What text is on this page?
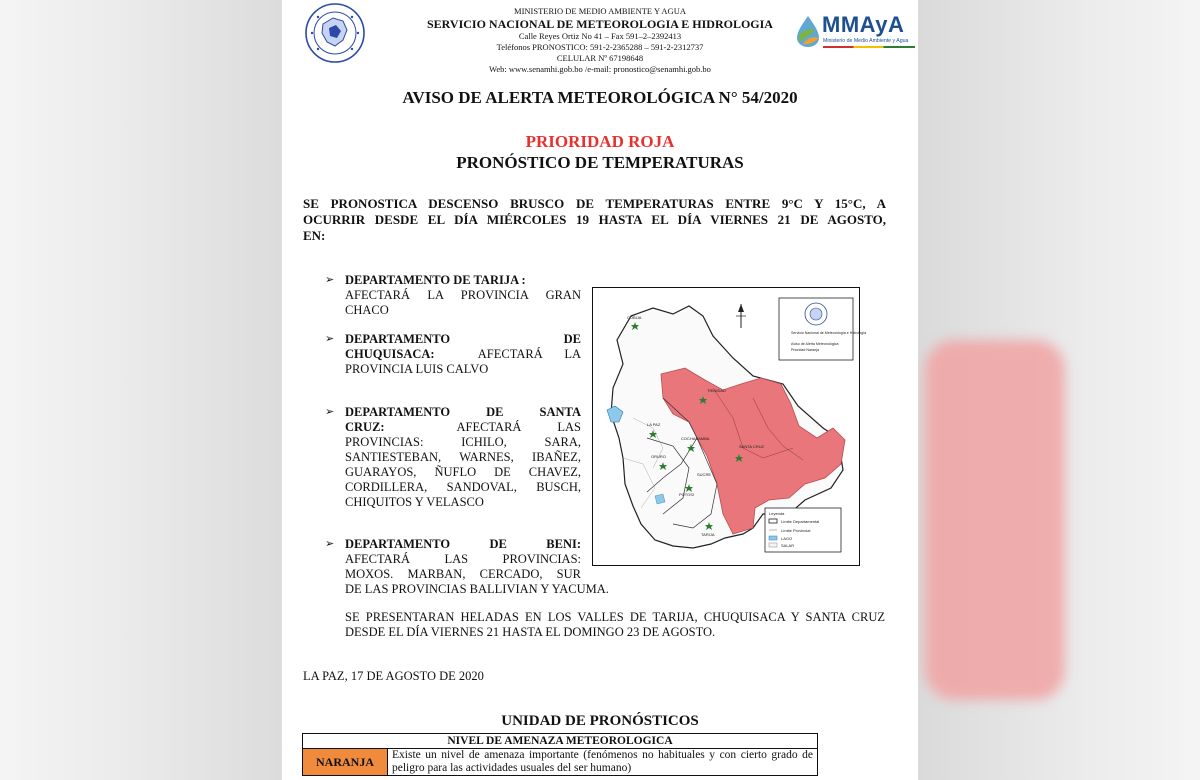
MINISTERIO DE MEDIO AMBIENTE Y AGUA
SERVICIO NACIONAL DE METEOROLOGIA E HIDROLOGIA
Calle Reyes Ortiz No 41 – Fax 591–2–2392413
Teléfonos PRONOSTICO: 591-2-2365288 – 591-2-2312737
CELULAR Nº 67198648
Web: www.senamhi.gob.bo /e-mail: pronostico@senamhi.gob.bo
MMAyA
Ministerio de Medio Ambiente y Agua
AVISO DE ALERTA METEOROLÓGICA N° 54/2020
PRIORIDAD ROJA
PRONÓSTICO DE TEMPERATURAS
SE PRONOSTICA DESCENSO BRUSCO DE TEMPERATURAS ENTRE 9°C Y 15°C, A
OCURRIR DESDE EL DÍA MIÉRCOLES 19 HASTA EL DÍA VIERNES 21 DE AGOSTO,
EN:
➢ DEPARTAMENTO DE TARIJA :
AFECTARÁ LA PROVINCIA GRAN
CHACO
➢ DEPARTAMENTO DE
CHUQUISACA:	AFECTARÁ LA
PROVINCIA LUIS CALVO
➢ DEPARTAMENTO DE SANTA
CRUZ:	AFECTARÁ LAS
PROVINCIAS: ICHILO, SARA,
SANTIESTEBAN, WARNES, IBAÑEZ,
GUARAYOS, ÑUFLO DE CHAVEZ,
CORDILLERA, SANDOVAL, BUSCH,
CHIQUITOS Y VELASCO
➢ DEPARTAMENTO DE BENI:
AFECTARÁ LAS PROVINCIAS:
MOXOS. MARBAN, CERCADO, SUR
DE LAS PROVINCIAS BALLIVIAN Y YACUMA.
COBIJA
TRINIDAD
LA PAZ
COCHABAMBA
SANTA CRUZ
ORURO
POTOSI
SUCRE
TARIJA
Servicio Nacional de Meteorología e Hidrología
Aviso de Alerta Meteorológica
Prioridad Naranja
Leyenda
Límite Departamental
Límite Provincial
LAGO
SALAR
SE PRESENTARAN HELADAS EN LOS VALLES DE TARIJA, CHUQUISACA Y SANTA CRUZ
DESDE EL DÍA VIERNES 21 HASTA EL DOMINGO 23 DE AGOSTO.
LA PAZ, 17 DE AGOSTO DE 2020
UNIDAD DE PRONÓSTICOS
NIVEL DE AMENAZA METEOROLOGICA
NARANJA	Existe un nivel de amenaza importante (fenómenos no habituales y con cierto grado de peligro para las actividades usuales del ser humano)
